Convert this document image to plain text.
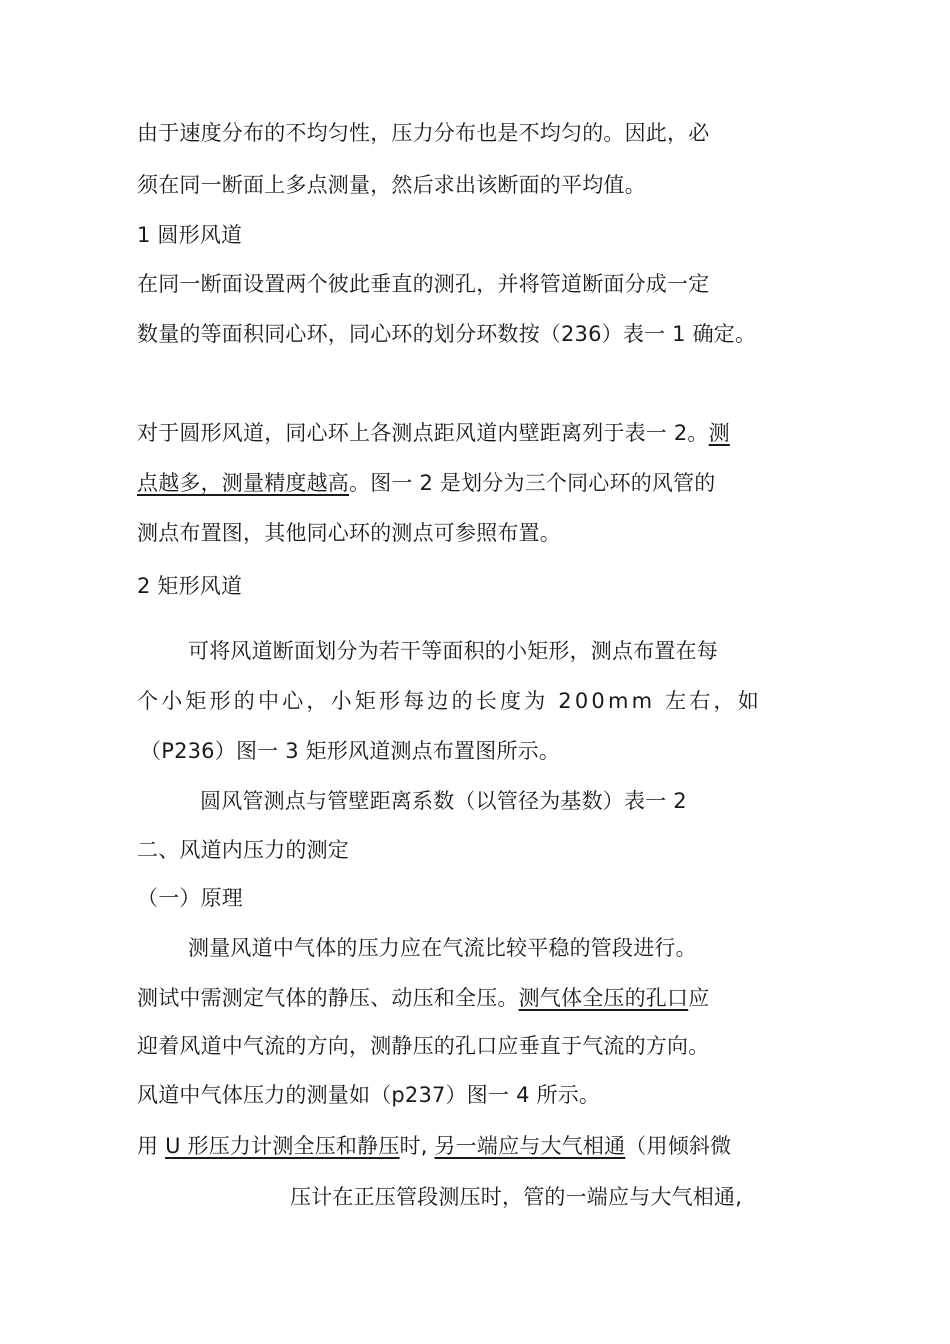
由于速度分布的不均匀性，压力分布也是不均匀的。因此，必
须在同一断面上多点测量，然后求出该断面的平均值。
1 圆形风道
在同一断面设置两个彼此垂直的测孔，并将管道断面分成一定
数量的等面积同心环，同心环的划分环数按（236）表一 1 确定。
对于圆形风道，同心环上各测点距风道内壁距离列于表一 2。测
点越多，测量精度越高。图一 2 是划分为三个同心环的风管的
测点布置图，其他同心环的测点可参照布置。
2 矩形风道
可将风道断面划分为若干等面积的小矩形，测点布置在每
个小矩形的中心，小矩形每边的长度为 200mm 左右，如
（P236）图一 3 矩形风道测点布置图所示。
圆风管测点与管壁距离系数（以管径为基数）表一 2
二、风道内压力的测定
（一）原理
测量风道中气体的压力应在气流比较平稳的管段进行。
测试中需测定气体的静压、动压和全压。测气体全压的孔口应
迎着风道中气流的方向，测静压的孔口应垂直于气流的方向。
风道中气体压力的测量如（p237）图一 4 所示。
用 U 形压力计测全压和静压时, 另一端应与大气相通（用倾斜微
压计在正压管段测压时，管的一端应与大气相通,
